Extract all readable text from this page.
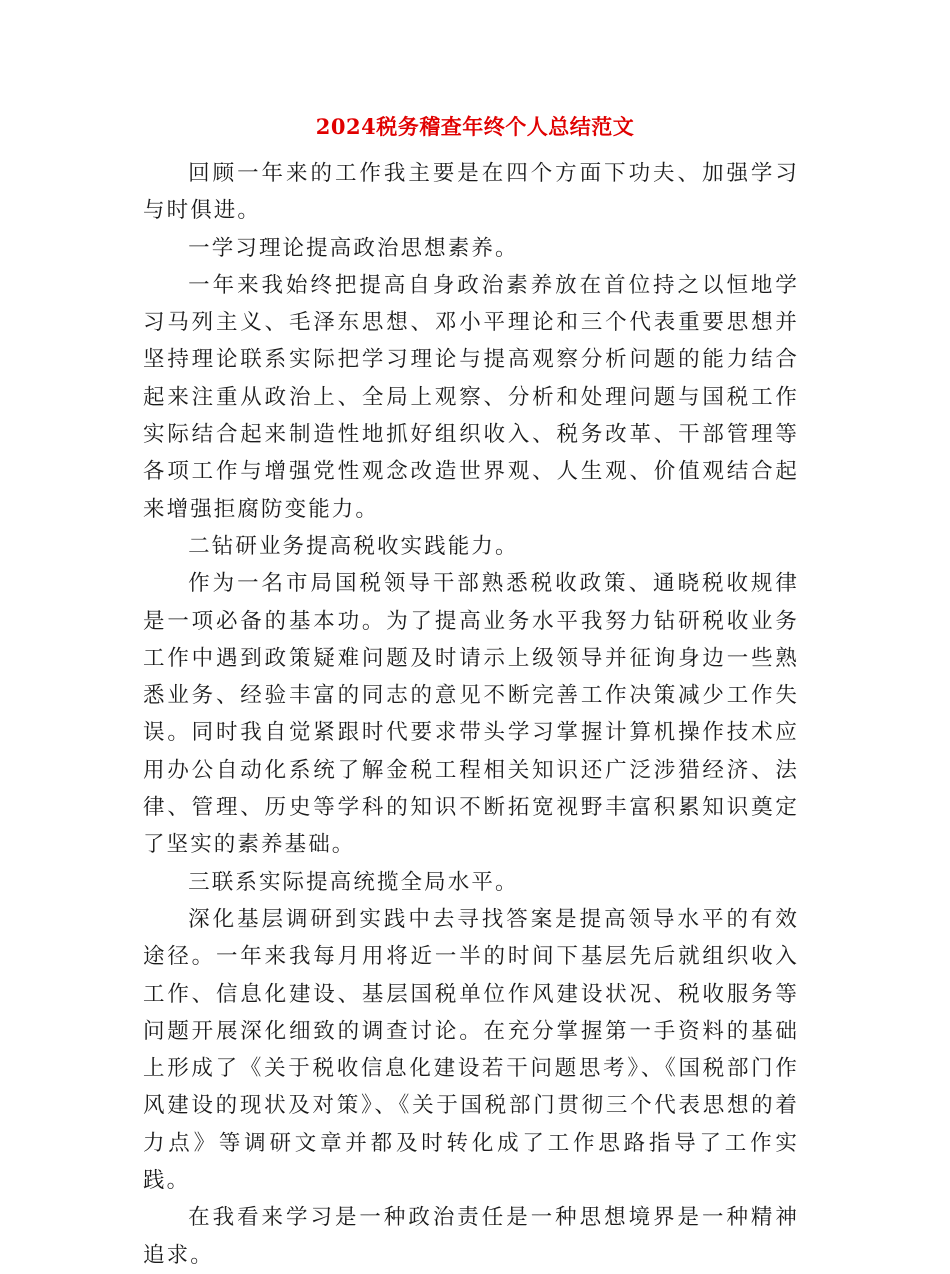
2024税务稽查年终个人总结范文

回顾一年来的工作我主要是在四个方面下功夫、加强学习与时俱进。

一学习理论提高政治思想素养。

一年来我始终把提高自身政治素养放在首位持之以恒地学习马列主义、毛泽东思想、邓小平理论和三个代表重要思想并坚持理论联系实际把学习理论与提高观察分析问题的能力结合起来注重从政治上、全局上观察、分析和处理问题与国税工作实际结合起来制造性地抓好组织收入、税务改革、干部管理等各项工作与增强党性观念改造世界观、人生观、价值观结合起来增强拒腐防变能力。

二钻研业务提高税收实践能力。

作为一名市局国税领导干部熟悉税收政策、通晓税收规律是一项必备的基本功。为了提高业务水平我努力钻研税收业务工作中遇到政策疑难问题及时请示上级领导并征询身边一些熟悉业务、经验丰富的同志的意见不断完善工作决策减少工作失误。同时我自觉紧跟时代要求带头学习掌握计算机操作技术应用办公自动化系统了解金税工程相关知识还广泛涉猎经济、法律、管理、历史等学科的知识不断拓宽视野丰富积累知识奠定了坚实的素养基础。

三联系实际提高统揽全局水平。

深化基层调研到实践中去寻找答案是提高领导水平的有效途径。一年来我每月用将近一半的时间下基层先后就组织收入工作、信息化建设、基层国税单位作风建设状况、税收服务等问题开展深化细致的调查讨论。在充分掌握第一手资料的基础上形成了《关于税收信息化建设若干问题思考》、《国税部门作风建设的现状及对策》、《关于国税部门贯彻三个代表思想的着力点》等调研文章并都及时转化成了工作思路指导了工作实践。

在我看来学习是一种政治责任是一种思想境界是一种精神追求。
